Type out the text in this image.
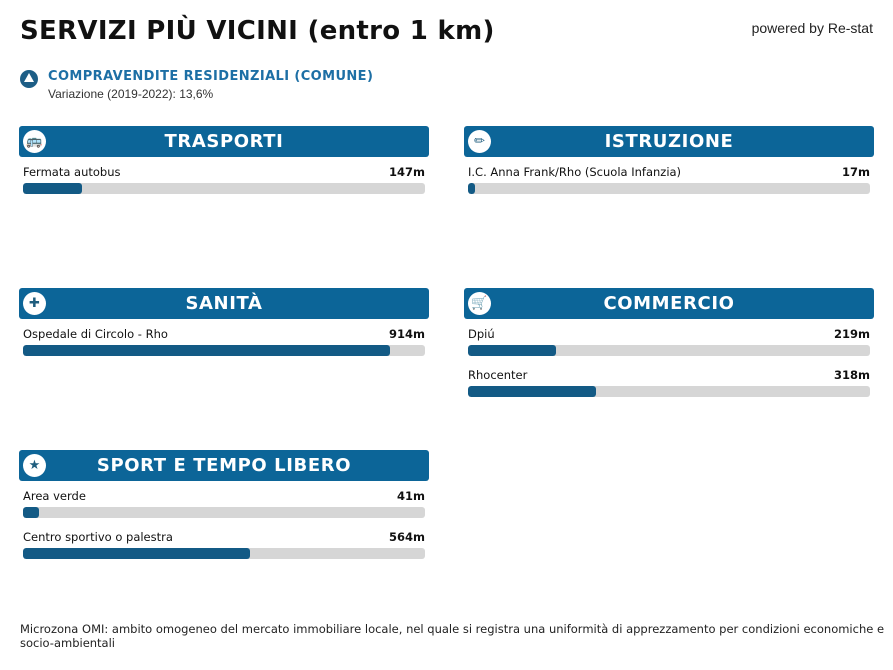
SERVIZI PIÙ VICINI (entro 1 km)	powered by Re-stat
COMPRAVENDITE RESIDENZIALI (COMUNE)
Variazione (2019-2022): 13,6%
🚌	TRASPORTI
Fermata autobus	147m
✏	ISTRUZIONE
I.C. Anna Frank/Rho (Scuola Infanzia)	17m
✚	SANITÀ
Ospedale di Circolo - Rho	914m
🛒	COMMERCIO
Dpiú	219m
Rhocenter	318m
★	SPORT E TEMPO LIBERO
Area verde	41m
Centro sportivo o palestra	564m

Microzona OMI: ambito omogeneo del mercato immobiliare locale, nel quale si registra una uniformità di apprezzamento per condizioni economiche e socio-ambientali
